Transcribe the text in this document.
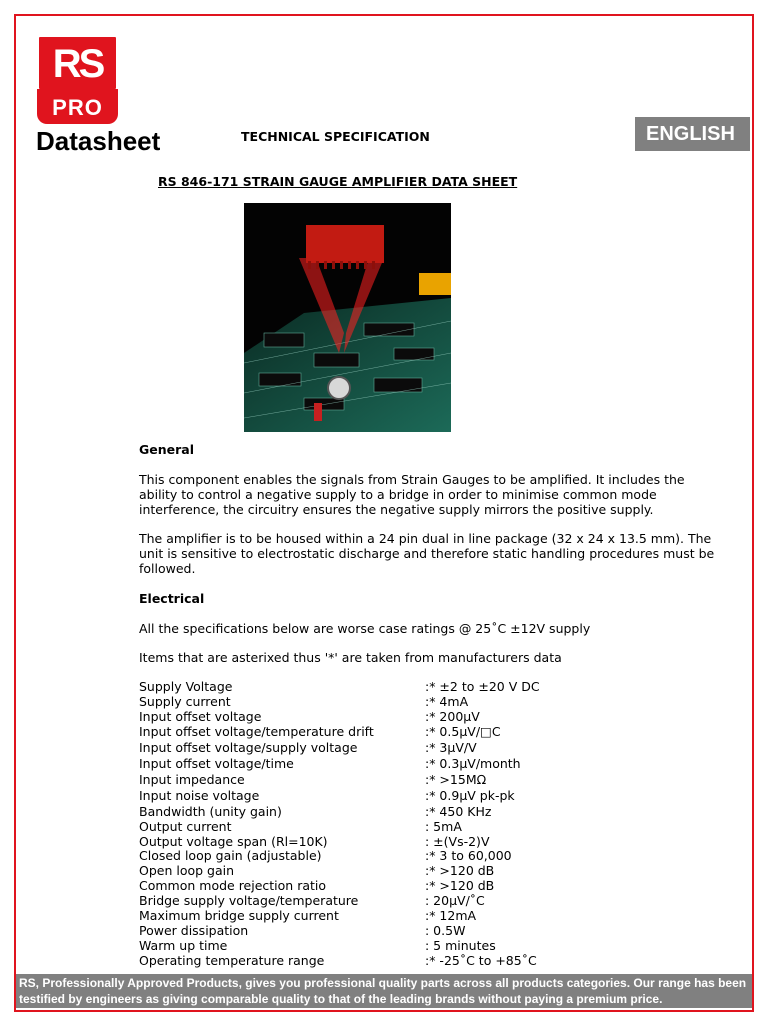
RS
PRO
Datasheet	TECHNICAL SPECIFICATION	ENGLISH
RS 846-171 STRAIN GAUGE AMPLIFIER DATA SHEET
General
This component enables the signals from Strain Gauges to be amplified. It includes the ability to control a negative supply to a bridge in order to minimise common mode interference, the circuitry ensures the negative supply mirrors the positive supply.
The amplifier is to be housed within a 24 pin dual in line package (32 x 24 x 13.5 mm). The unit is sensitive to electrostatic discharge and therefore static handling procedures must be followed.
Electrical
All the specifications below are worse case ratings @ 25˚C ±12V supply
Items that are asterixed thus '*' are taken from manufacturers data
Supply Voltage	:* ±2 to ±20 V DC
Supply current	:* 4mA
Input offset voltage	:* 200µV
Input offset voltage/temperature drift	:* 0.5µV/□C
Input offset voltage/supply voltage	:* 3µV/V
Input offset voltage/time	:* 0.3µV/month
Input impedance	:* >15MΩ
Input noise voltage	:* 0.9µV pk-pk
Bandwidth (unity gain)	:* 450 KHz
Output current	: 5mA
Output voltage span (Rl=10K)	: ±(Vs-2)V
Closed loop gain (adjustable)	:* 3 to 60,000
Open loop gain	:* >120 dB
Common mode rejection ratio	:* >120 dB
Bridge supply voltage/temperature	: 20µV/˚C
Maximum bridge supply current	:* 12mA
Power dissipation	: 0.5W
Warm up time	: 5 minutes
Operating temperature range	:* -25˚C to +85˚C
RS, Professionally Approved Products, gives you professional quality parts across all products categories. Our range has been testified by engineers as giving comparable quality to that of the leading brands without paying a premium price.
